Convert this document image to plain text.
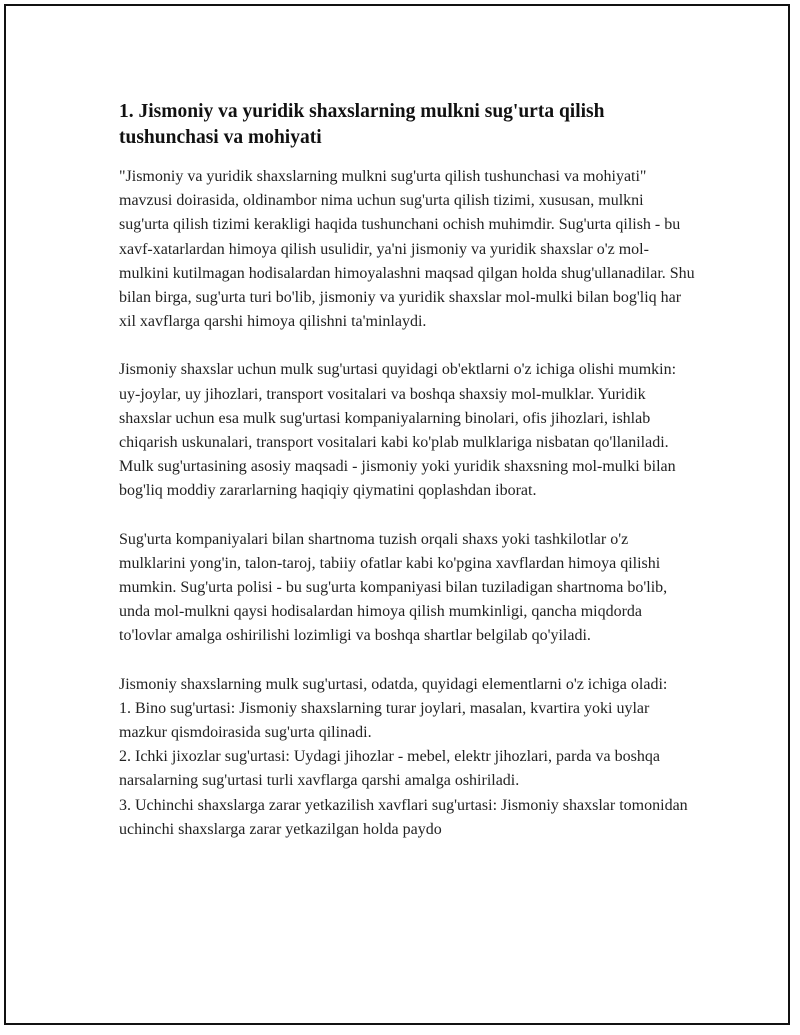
1. Jismoniy va yuridik shaxslarning mulkni sug'urta qilish tushunchasi va mohiyati

"Jismoniy va yuridik shaxslarning mulkni sug'urta qilish tushunchasi va mohiyati" mavzusi doirasida, oldinambor nima uchun sug'urta qilish tizimi, xususan, mulkni sug'urta qilish tizimi kerakligi haqida tushunchani ochish muhimdir. Sug'urta qilish - bu xavf-xatarlardan himoya qilish usulidir, ya'ni jismoniy va yuridik shaxslar o'z mol-mulkini kutilmagan hodisalardan himoyalashni maqsad qilgan holda shug'ullanadilar. Shu bilan birga, sug'urta turi bo'lib, jismoniy va yuridik shaxslar mol-mulki bilan bog'liq har xil xavflarga qarshi himoya qilishni ta'minlaydi.

Jismoniy shaxslar uchun mulk sug'urtasi quyidagi ob'ektlarni o'z ichiga olishi mumkin: uy-joylar, uy jihozlari, transport vositalari va boshqa shaxsiy mol-mulklar. Yuridik shaxslar uchun esa mulk sug'urtasi kompaniyalarning binolari, ofis jihozlari, ishlab chiqarish uskunalari, transport vositalari kabi ko'plab mulklariga nisbatan qo'llaniladi. Mulk sug'urtasining asosiy maqsadi - jismoniy yoki yuridik shaxsning mol-mulki bilan bog'liq moddiy zararlarning haqiqiy qiymatini qoplashdan iborat.

Sug'urta kompaniyalari bilan shartnoma tuzish orqali shaxs yoki tashkilotlar o'z mulklarini yong'in, talon-taroj, tabiiy ofatlar kabi ko'pgina xavflardan himoya qilishi mumkin. Sug'urta polisi - bu sug'urta kompaniyasi bilan tuziladigan shartnoma bo'lib, unda mol-mulkni qaysi hodisalardan himoya qilish mumkinligi, qancha miqdorda to'lovlar amalga oshirilishi lozimligi va boshqa shartlar belgilab qo'yiladi.

Jismoniy shaxslarning mulk sug'urtasi, odatda, quyidagi elementlarni o'z ichiga oladi:
1. Bino sug'urtasi: Jismoniy shaxslarning turar joylari, masalan, kvartira yoki uylar mazkur qismdoirasida sug'urta qilinadi.
2. Ichki jixozlar sug'urtasi: Uydagi jihozlar - mebel, elektr jihozlari, parda va boshqa narsalarning sug'urtasi turli xavflarga qarshi amalga oshiriladi.
3. Uchinchi shaxslarga zarar yetkazilish xavflari sug'urtasi: Jismoniy shaxslar tomonidan uchinchi shaxslarga zarar yetkazilgan holda paydo
